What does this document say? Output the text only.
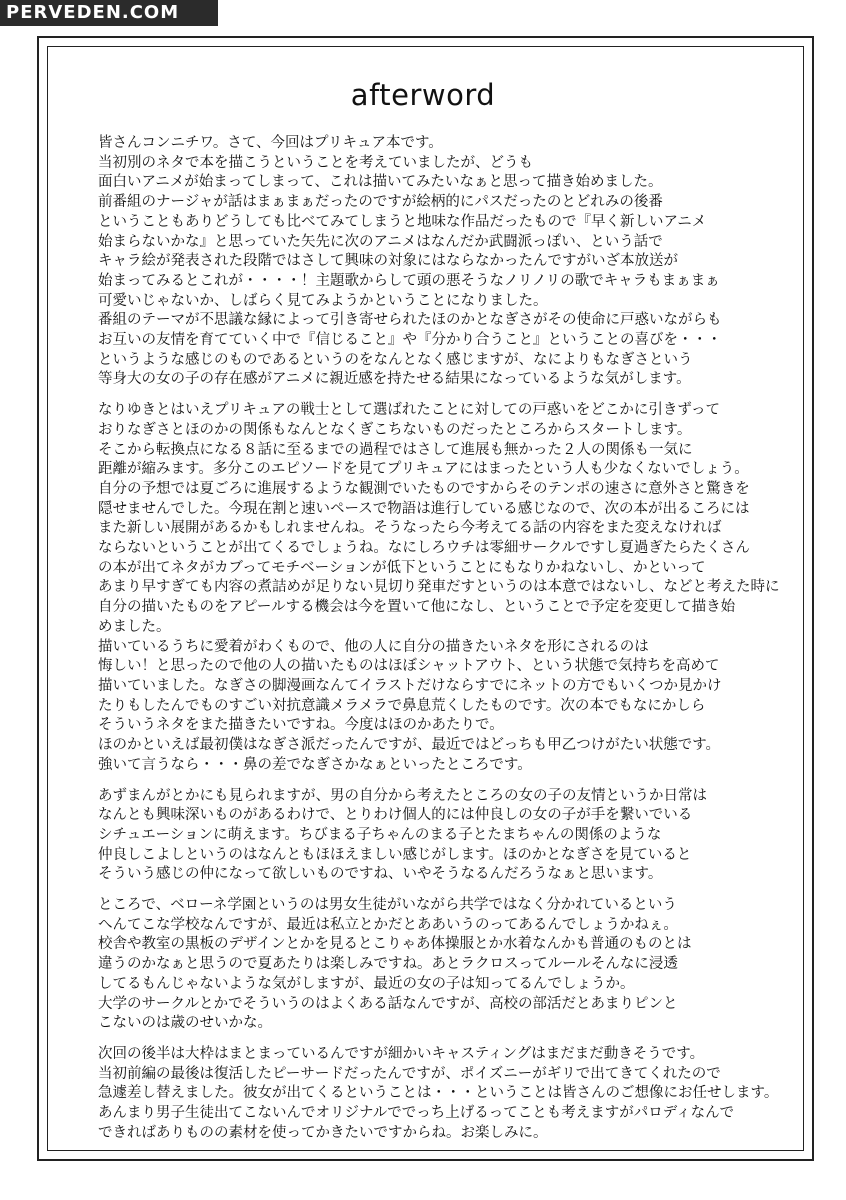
PERVEDEN.COM
afterword
皆さんコンニチワ。さて、今回はプリキュア本です。
当初別のネタで本を描こうということを考えていましたが、どうも
面白いアニメが始まってしまって、これは描いてみたいなぁと思って描き始めました。
前番組のナージャが話はまぁまぁだったのですが絵柄的にパスだったのとどれみの後番
ということもありどうしても比べてみてしまうと地味な作品だったもので『早く新しいアニメ
始まらないかな』と思っていた矢先に次のアニメはなんだか武闘派っぽい、という話で
キャラ絵が発表された段階ではさして興味の対象にはならなかったんですがいざ本放送が
始まってみるとこれが・・・・！主題歌からして頭の悪そうなノリノリの歌でキャラもまぁまぁ
可愛いじゃないか、しばらく見てみようかということになりました。
番組のテーマが不思議な縁によって引き寄せられたほのかとなぎさがその使命に戸惑いながらも
お互いの友情を育てていく中で『信じること』や『分かり合うこと』ということの喜びを・・・
というような感じのものであるというのをなんとなく感じますが、なによりもなぎさという
等身大の女の子の存在感がアニメに親近感を持たせる結果になっているような気がします。
なりゆきとはいえプリキュアの戦士として選ばれたことに対しての戸惑いをどこかに引きずって
おりなぎさとほのかの関係もなんとなくぎこちないものだったところからスタートします。
そこから転換点になる８話に至るまでの過程ではさして進展も無かった２人の関係も一気に
距離が縮みます。多分このエピソードを見てプリキュアにはまったという人も少なくないでしょう。
自分の予想では夏ごろに進展するような観測でいたものですからそのテンポの速さに意外さと驚きを
隠せませんでした。今現在割と速いペースで物語は進行している感じなので、次の本が出るころには
また新しい展開があるかもしれませんね。そうなったら今考えてる話の内容をまた変えなければ
ならないということが出てくるでしょうね。なにしろウチは零細サークルですし夏過ぎたらたくさん
の本が出てネタがカブってモチベーションが低下ということにもなりかねないし、かといって
あまり早すぎても内容の煮詰めが足りない見切り発車だすというのは本意ではないし、などと考えた時に
自分の描いたものをアピールする機会は今を置いて他になし、ということで予定を変更して描き始
めました。
描いているうちに愛着がわくもので、他の人に自分の描きたいネタを形にされるのは
悔しい！と思ったので他の人の描いたものはほぼシャットアウト、という状態で気持ちを高めて
描いていました。なぎさの脚漫画なんてイラストだけならすでにネットの方でもいくつか見かけ
たりもしたんでものすごい対抗意識メラメラで鼻息荒くしたものです。次の本でもなにかしら
そういうネタをまた描きたいですね。今度はほのかあたりで。
ほのかといえば最初僕はなぎさ派だったんですが、最近ではどっちも甲乙つけがたい状態です。
強いて言うなら・・・鼻の差でなぎさかなぁといったところです。
あずまんがとかにも見られますが、男の自分から考えたところの女の子の友情というか日常は
なんとも興味深いものがあるわけで、とりわけ個人的には仲良しの女の子が手を繋いでいる
シチュエーションに萌えます。ちびまる子ちゃんのまる子とたまちゃんの関係のような
仲良しこよしというのはなんともほほえましい感じがします。ほのかとなぎさを見ていると
そういう感じの仲になって欲しいものですね、いやそうなるんだろうなぁと思います。
ところで、ベローネ学園というのは男女生徒がいながら共学ではなく分かれているという
へんてこな学校なんですが、最近は私立とかだとああいうのってあるんでしょうかねぇ。
校舎や教室の黒板のデザインとかを見るとこりゃあ体操服とか水着なんかも普通のものとは
違うのかなぁと思うので夏あたりは楽しみですね。あとラクロスってルールそんなに浸透
してるもんじゃないような気がしますが、最近の女の子は知ってるんでしょうか。
大学のサークルとかでそういうのはよくある話なんですが、高校の部活だとあまりピンと
こないのは歳のせいかな。
次回の後半は大枠はまとまっているんですが細かいキャスティングはまだまだ動きそうです。
当初前編の最後は復活したピーサードだったんですが、ポイズニーがギリで出てきてくれたので
急遽差し替えました。彼女が出てくるということは・・・ということは皆さんのご想像にお任せします。
あんまり男子生徒出てこないんでオリジナルででっち上げるってことも考えますがパロディなんで
できればありものの素材を使ってかきたいですからね。お楽しみに。
